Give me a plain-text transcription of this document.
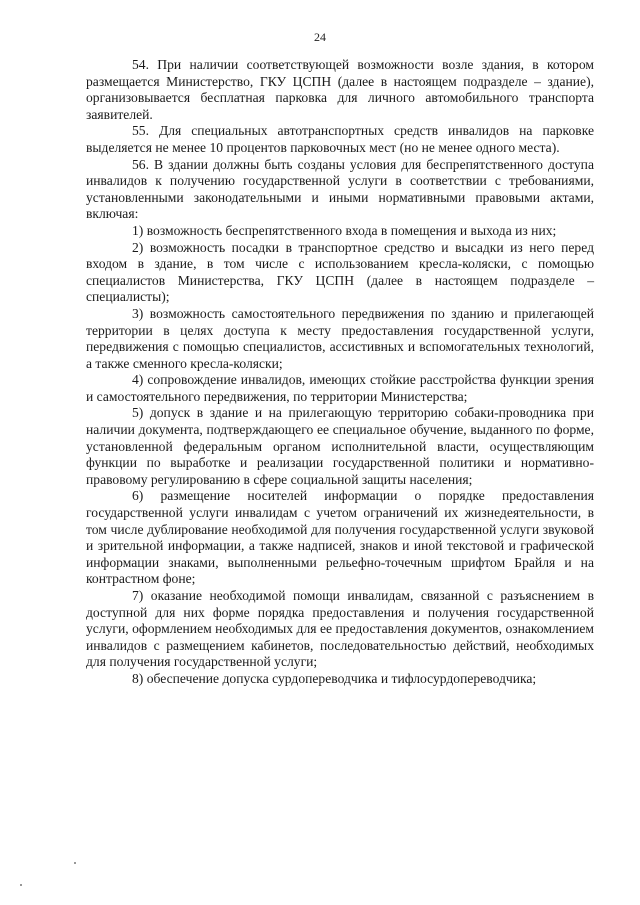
24

54. При наличии соответствующей возможности возле здания, в котором размещается Министерство, ГКУ ЦСПН (далее в настоящем подразделе – здание), организовывается бесплатная парковка для личного автомобильного транспорта заявителей.

55. Для специальных автотранспортных средств инвалидов на парковке выделяется не менее 10 процентов парковочных мест (но не менее одного места).

56. В здании должны быть созданы условия для беспрепятственного доступа инвалидов к получению государственной услуги в соответствии с требованиями, установленными законодательными и иными нормативными правовыми актами, включая:

1) возможность беспрепятственного входа в помещения и выхода из них;

2) возможность посадки в транспортное средство и высадки из него перед входом в здание, в том числе с использованием кресла-коляски, с помощью специалистов Министерства, ГКУ ЦСПН (далее в настоящем подразделе – специалисты);

3) возможность самостоятельного передвижения по зданию и прилегающей территории в целях доступа к месту предоставления государственной услуги, передвижения с помощью специалистов, ассистивных и вспомогательных технологий, а также сменного кресла-коляски;

4) сопровождение инвалидов, имеющих стойкие расстройства функции зрения и самостоятельного передвижения, по территории Министерства;

5) допуск в здание и на прилегающую территорию собаки-проводника при наличии документа, подтверждающего ее специальное обучение, выданного по форме, установленной федеральным органом исполнительной власти, осуществляющим функции по выработке и реализации государственной политики и нормативно-правовому регулированию в сфере социальной защиты населения;

6) размещение носителей информации о порядке предоставления государственной услуги инвалидам с учетом ограничений их жизнедеятельности, в том числе дублирование необходимой для получения государственной услуги звуковой и зрительной информации, а также надписей, знаков и иной текстовой и графической информации знаками, выполненными рельефно-точечным шрифтом Брайля и на контрастном фоне;

7) оказание необходимой помощи инвалидам, связанной с разъяснением в доступной для них форме порядка предоставления и получения государственной услуги, оформлением необходимых для ее предоставления документов, ознакомлением инвалидов с размещением кабинетов, последовательностью действий, необходимых для получения государственной услуги;

8) обеспечение допуска сурдопереводчика и тифлосурдопереводчика;
